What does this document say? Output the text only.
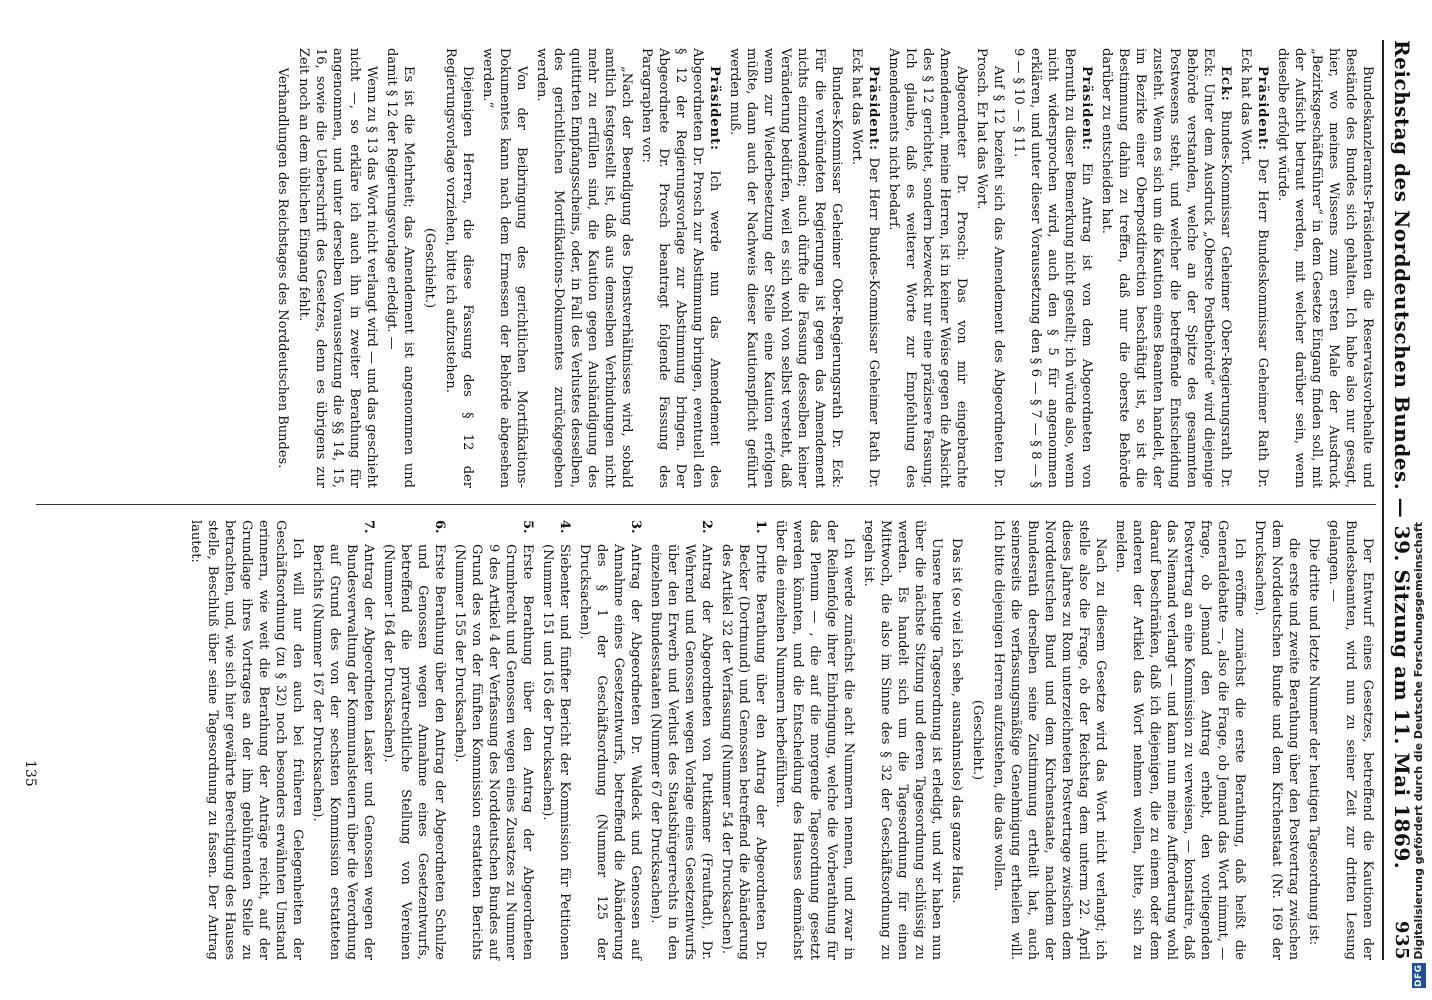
Reichstag des Norddeutschen Bundes. — 39. Sitzung am 11. Mai 1869.
935

Bundeskanzleramts-Präsidenten die Reservatsvorbehalte und Bestände des Bundes sich gehalten. Ich habe also nur gesagt, hier, wo meines Wissens zum ersten Male der Ausdruck „Bezirksgeschäftsführer“ in dem Gesetze Eingang finden soll, mit der Aufsicht betraut werden, mit welcher darüber sein, wenn dieselbe erfolgt würde.

Präsident: Der Herr Bundeskommissar Geheimer Rath Dr. Eck hat das Wort.

Eck: Bundes-Kommissar Geheimer Ober-Regierungsrath Dr. Eck: Unter dem Ausdruck „Oberste Postbehörde“ wird diejenige Behörde verstanden, welche an der Spitze des gesammten Postwesens steht, und welcher die betreffende Entscheidung zusteht. Wenn es sich um die Kaution eines Beamten handelt, der im Bezirke einer Oberpostdirection beschäftigt ist, so ist die Bestimmung dahin zu treffen, daß nur die oberste Behörde darüber zu entscheiden hat.

Präsident: Ein Antrag ist von dem Abgeordneten von Bernuth zu dieser Bemerkung nicht gestellt; ich würde also, wenn nicht widersprochen wird, auch den § 5 für angenommen erklären, und unter dieser Voraussetzung den § 6 — § 7 — § 8 — § 9 — § 10 — § 11.

Auf § 12 bezieht sich das Amendement des Abgeordneten Dr. Prosch. Er hat das Wort.

Abgeordneter Dr. Prosch: Das von mir eingebrachte Amendement, meine Herren, ist in keiner Weise gegen die Absicht des § 12 gerichtet, sondern bezweckt nur eine präzisere Fassung. Ich glaube, daß es weiterer Worte zur Empfehlung des Amendements nicht bedarf.

Präsident: Der Herr Bundes-Kommissar Geheimer Rath Dr. Eck hat das Wort.

Bundes-Kommissar Geheimer Ober-Regierungsrath Dr. Eck: Für die verbündeten Regierungen ist gegen das Amendement nichts einzuwenden; auch dürfte die Fassung desselben keiner Veränderung bedürfen, weil es sich wohl von selbst versteht, daß wenn zur Wiederbesetzung der Stelle eine Kaution erfolgen müßte, dann auch der Nachweis dieser Kautionspflicht geführt werden muß.

Präsident: Ich werde nun das Amendement des Abgeordneten Dr. Prosch zur Abstimmung bringen, eventuell den § 12 der Regierungsvorlage zur Abstimmung bringen. Der Abgeordnete Dr. Prosch beantragt folgende Fassung des Paragraphen vor:

„Nach der Beendigung des Dienstverhältnisses wird, sobald amtlich festgestellt ist, daß aus demselben Verbindungen nicht mehr zu erfüllen sind, die Kaution gegen Aushändigung des quittirten Empfangsscheins, oder, in Fall des Verlustes desselben, des gerichtlichen Mortifikations-Dokumentes zurückgegeben werden.

Von der Beibringung des gerichtlichen Mortifikations-Dokumentes kann nach dem Ermessen der Behörde abgesehen werden.“

Diejenigen Herren, die diese Fassung des § 12 der Regierungsvorlage vorziehen, bitte ich aufzustehen.

(Geschieht.)

Es ist die Mehrheit; das Amendement ist angenommen und damit § 12 der Regierungsvorlage erledigt. —

Wenn zu § 13 das Wort nicht verlangt wird — und das geschieht nicht —, so erkläre ich auch ihn in zweiter Berathung für angenommen, und unter derselben Voraussetzung die §§ 14, 15, 16, sowie die Ueberschrift des Gesetzes, denn es übrigens zur Zeit noch an dem üblichen Eingang fehlt.

Verhandlungen des Reichstages des Norddeutschen Bundes.

Der Entwurf eines Gesetzes, betreffend die Kautionen der Bundesbeamten, wird nun zu seiner Zeit zur dritten Lesung gelangen. —

Die dritte und letzte Nummer der heutigen Tagesordnung ist:

die erste und zweite Berathung über den Postvertrag zwischen dem Norddeutschen Bunde und dem Kirchenstaat (Nr. 169 der Drucksachen).

Ich eröffne zunächst die erste Berathung, daß heißt die Generaldebatte —, also die Frage, ob Jemand das Wort nimmt, — frage, ob Jemand den Antrag erhebt, den vorliegenden Postvertrag an eine Kommission zu verweisen, — konstatire, daß das Niemand verlangt — und kann nun meine Aufforderung wohl darauf beschränken, daß ich diejenigen, die zu einem oder dem anderen der Artikel das Wort nehmen wollen, bitte, sich zu melden.

Nach zu diesem Gesetze wird das Wort nicht verlangt; ich stelle also die Frage, ob der Reichstag dem unterm 22. April dieses Jahres zu Rom unterzeichneten Postvertrage zwischen dem Norddeutschen Bund und dem Kirchenstaate, nachdem der Bundesrath derselben seine Zustimmung ertheilt hat, auch seinerseits die verfassungsmäßige Genehmigung ertheilen will. Ich bitte diejenigen Herren aufzustehen, die das wollen.

(Geschieht.)

Das ist (so viel ich sehe, ausnahmslos) das ganze Haus.

Unsere heutige Tagesordnung ist erledigt, und wir haben nun über die nächste Sitzung und deren Tagesordnung schlüssig zu werden. Es handelt sich um die Tagesordnung für einen Mittwoch, die also im Sinne des § 32 der Geschäftsordnung zu regeln ist.

Ich werde zunächst die acht Nummern nennen, und zwar in der Reihenfolge ihrer Einbringung, welche die Vorberathung für das Plenum — , die auf die morgende Tagesordnung gesetzt werden könnten, und die Entscheidung des Hauses demnächst über die einzelnen Nummern herbeiführen.

1.
Dritte Berathung über den Antrag der Abgeordneten Dr. Becker (Dortmund) und Genossen betreffend die Abänderung des Artikel 32 der Verfassung (Nummer 54 der Drucksachen).
2.
Antrag der Abgeordneten von Puttkamer (Frauftadt), Dr. Wehrend und Genossen wegen Vorlage eines Gesetzentwurfs über den Erwerb und Verlust des Staatsbürgerrechts in den einzelnen Bundesstaaten (Nummer 67 der Drucksachen).
3.
Antrag der Abgeordneten Dr. Waldeck und Genossen auf Annahme eines Gesetzentwurfs, betreffend die Abänderung des § 1 der Geschäftsordnung (Nummer 125 der Drucksachen).
4.
Siebenter und fünfter Bericht der Kommission für Petitionen (Nummer 151 und 165 der Drucksachen).
5.
Erste Berathung über den Antrag der Abgeordneten Grumbrecht und Genossen wegen eines Zusatzes zu Nummer 9 des Artikel 4 der Verfassung des Norddeutschen Bundes auf Grund des von der fünften Kommission erstatteten Berichts (Nummer 155 der Drucksachen).
6.
Erste Berathung über den Antrag der Abgeordneten Schulze und Genossen wegen Annahme eines Gesetzentwurfs, betreffend die privatrechtliche Stellung von Vereinen (Nummer 164 der Drucksachen).
7.
Antrag der Abgeordneten Lasker und Genossen wegen der Bundesverwaltung der Kommunalsteuern über die Verordnung auf Grund des von der sechsten Kommission erstatteten Berichts (Nummer 167 der Drucksachen).

Ich will nur den auch bei früheren Gelegenheiten der Geschäftsordnung (zu § 32) noch besonders erwähnten Umstand erinnern, wie weit die Berathung der Anträge reicht, auf der Grundlage ihres Vortrages an der ihm gebührenden Stelle zu betrachten, und, wie sich hier gewährte Berechtigung des Hauses stelle, Beschluß über seine Tagesordnung zu fassen. Der Antrag lautet:

135
DFG Digitalisierung gefördert durch die Deutsche Forschungsgemeinschaft
